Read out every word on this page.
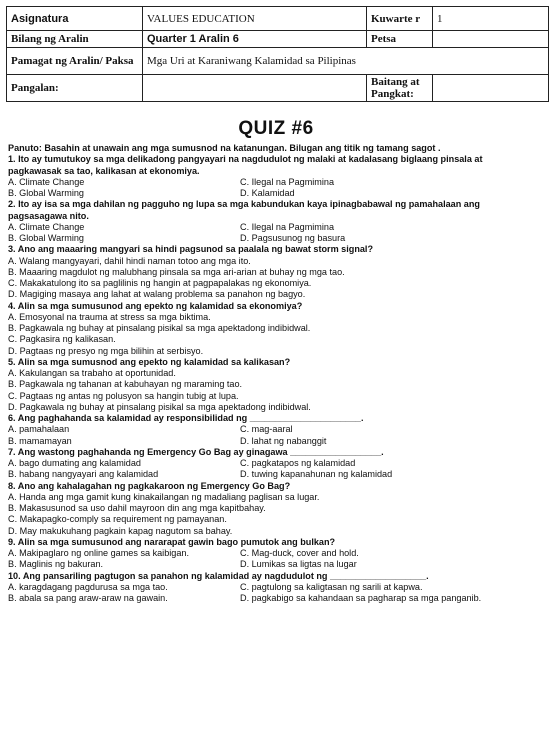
Asignatura	VALUES EDUCATION	Kuwarte r	1
Bilang ng Aralin	Quarter 1 Aralin 6	Petsa	
Pamagat ng Aralin/ Paksa	Mga Uri at Karaniwang Kalamidad sa Pilipinas		
Pangalan:		Baitang at Pangkat:	
QUIZ #6
Panuto: Basahin at unawain ang mga sumusnod na katanungan. Bilugan ang titik ng tamang sagot .
1. Ito ay tumutukoy sa mga delikadong pangyayari na nagdudulot ng malaki at kadalasang biglaang pinsala at
pagkawasak sa tao, kalikasan at ekonomiya.
A. Climate Change	C. Ilegal na Pagmimina
B. Global Warming	D. Kalamidad
2. Ito ay isa sa mga dahilan ng pagguho ng lupa sa mga kabundukan kaya ipinagbabawal ng pamahalaan ang
pagsasagawa nito.
A. Climate Change	C. Ilegal na Pagmimina
B. Global Warming	D. Pagsusunog ng basura
3. Ano ang maaaring mangyari sa hindi pagsunod sa paalala ng bawat storm signal?
A. Walang mangyayari, dahil hindi naman totoo ang mga ito.
B. Maaaring magdulot ng malubhang pinsala sa mga ari-arian at buhay ng mga tao.
C. Makakatulong ito sa paglilinis ng hangin at pagpapalakas ng ekonomiya.
D. Magiging masaya ang lahat at walang problema sa panahon ng bagyo.
4. Alin sa mga sumusunod ang epekto ng kalamidad sa ekonomiya?
A. Emosyonal na trauma at stress sa mga biktima.
B. Pagkawala ng buhay at pinsalang pisikal sa mga apektadong indibidwal.
C. Pagkasira ng kalikasan.
D. Pagtaas ng presyo ng mga bilihin at serbisyo.
5. Alin sa mga sumusnod ang epekto ng kalamidad sa kalikasan?
A. Kakulangan sa trabaho at oportunidad.
B. Pagkawala ng tahanan at kabuhayan ng maraming tao.
C. Pagtaas ng antas ng polusyon sa hangin tubig at lupa.
D. Pagkawala ng buhay at pinsalang pisikal sa mga apektadong indibidwal.
6. Ang paghahanda sa kalamidad ay responsibilidad ng ______________________.
A. pamahalaan	C. mag-aaral
B. mamamayan	D. lahat ng nabanggit
7. Ang wastong paghahanda ng Emergency Go Bag ay ginagawa __________________.
A. bago dumating ang kalamidad	C. pagkatapos ng kalamidad
B. habang nangyayari ang kalamidad	D. tuwing kapanahunan ng kalamidad
8. Ano ang kahalagahan ng pagkakaroon ng Emergency Go Bag?
A. Handa ang mga gamit kung kinakailangan ng madaliang paglisan sa lugar.
B. Makasusunod sa uso dahil mayroon din ang mga kapitbahay.
C. Makapagko-comply sa requirement ng pamayanan.
D. May makukuhang pagkain kapag nagutom sa bahay.
9. Alin sa mga sumusunod ang nararapat gawin bago pumutok ang bulkan?
A. Makipaglaro ng online games sa kaibigan.	C. Mag-duck, cover and hold.
B. Maglinis ng bakuran.	D. Lumikas sa ligtas na lugar
10. Ang pansariling pagtugon sa panahon ng kalamidad ay nagdudulot ng ___________________.
A. karagdagang pagdurusa sa mga tao.	C. pagtulong sa kaligtasan ng sarili at kapwa.
B. abala sa pang araw-araw na gawain.	D. pagkabigo sa kahandaan sa pagharap sa mga panganib.
